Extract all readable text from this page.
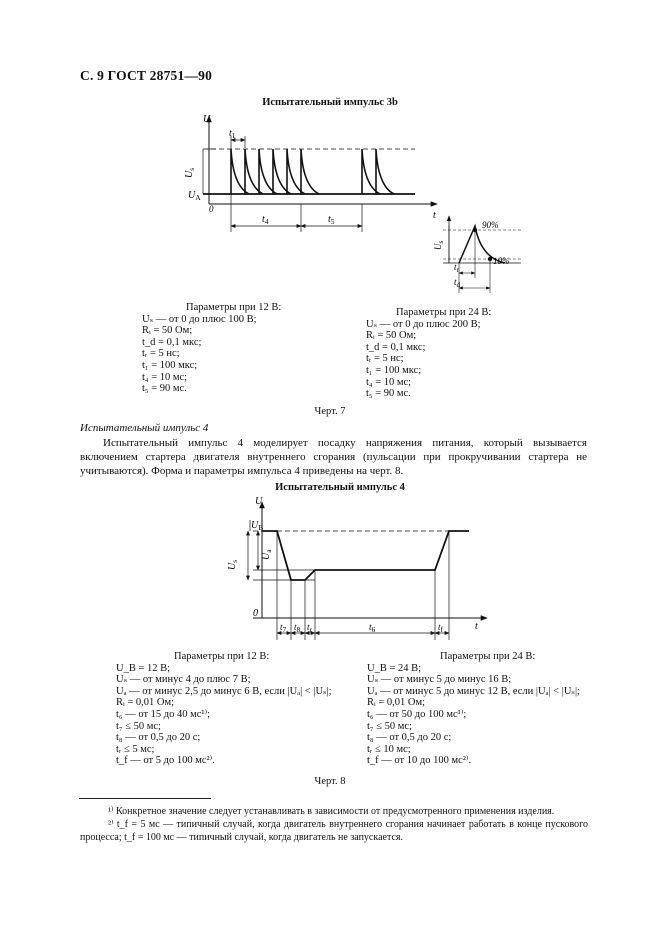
С. 9 ГОСТ 28751—90
Испытательный импульс 3b
U
$t_1$
$U_s$
$U_A$
0
t
$t_4$	$t_5$	90%
10%
$U_s$
$t_r$
$t_d$
Параметры при 12 В:
Uₛ — от 0 до плюс 100 В;
Rᵢ = 50 Ом;
t_d = 0,1 мкс;
tᵣ = 5 нс;
t₁ = 100 мкс;
t₄ = 10 мс;
t₅ = 90 мс.
Параметры при 24 В:
Uₛ — от 0 до плюс 200 В;
Rᵢ = 50 Ом;
t_d = 0,1 мкс;
tᵣ = 5 нс;
t₁ = 100 мкс;
t₄ = 10 мс;
t₅ = 90 мс.
Черт. 7
Испытательный импульс 4
Испытательный импульс 4 моделирует посадку напряжения питания, который вызывается включением стартера двигателя внутреннего сгорания (пульсации при прокручивании стартера не учитываются). Форма и параметры импульса 4 приведены на черт. 8.
Испытательный импульс 4
U
$U_B$
$U_s$
$U_a$
0
t
$t_7$ $t_8$ $t_r$	$t_6$	$t_f$
Параметры при 12 В:
U_B = 12 В;
Uₛ — от минус 4 до плюс 7 В;
Uₐ — от минус 2,5 до минус 6 В, если |Uₐ| < |Uₛ|;
Rᵢ = 0,01 Ом;
t₆ — от 15 до 40 мс¹⁾;
t₇ ≤ 50 мс;
t₈ — от 0,5 до 20 с;
tᵣ ≤ 5 мс;
t_f — от 5 до 100 мс²⁾.
Параметры при 24 В:
U_B = 24 В;
Uₛ — от минус 5 до минус 16 В;
Uₐ — от минус 5 до минус 12 В, если |Uₐ| < |Uₛ|;
Rᵢ = 0,01 Ом;
t₆ — от 50 до 100 мс¹⁾;
t₇ ≤ 50 мс;
t₈ — от 0,5 до 20 с;
tᵣ ≤ 10 мс;
t_f — от 10 до 100 мс²⁾.
Черт. 8
¹⁾ Конкретное значение следует устанавливать в зависимости от предусмотренного применения изделия.
²⁾ t_f = 5 мс — типичный случай, когда двигатель внутреннего сгорания начинает работать в конце пускового процесса; t_f = 100 мс — типичный случай, когда двигатель не запускается.
